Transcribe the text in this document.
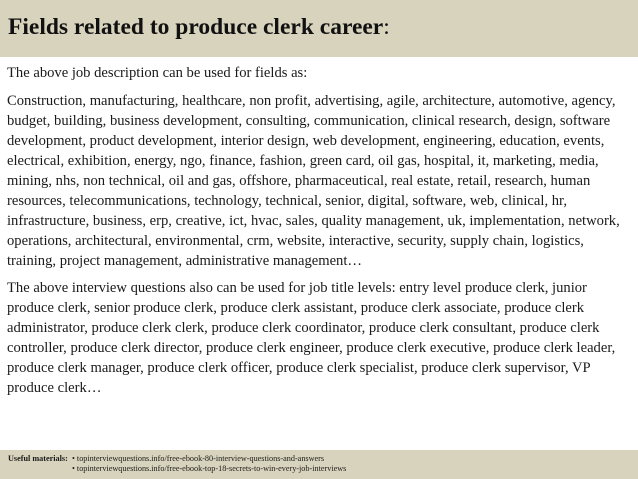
Fields related to produce clerk career:

The above job description can be used for fields as:

Construction, manufacturing, healthcare, non profit, advertising, agile, architecture, automotive, agency, budget, building, business development, consulting, communication, clinical research, design, software development, product development, interior design, web development, engineering, education, events, electrical, exhibition, energy, ngo, finance, fashion, green card, oil gas, hospital, it, marketing, media, mining, nhs, non technical, oil and gas, offshore, pharmaceutical, real estate, retail, research, human resources, telecommunications, technology, technical, senior, digital, software, web, clinical, hr, infrastructure, business, erp, creative, ict, hvac, sales, quality management, uk, implementation, network, operations, architectural, environmental, crm, website, interactive, security, supply chain, logistics, training, project management, administrative management…

The above interview questions also can be used for job title levels: entry level produce clerk, junior produce clerk, senior produce clerk, produce clerk assistant, produce clerk associate, produce clerk administrator, produce clerk clerk, produce clerk coordinator, produce clerk consultant, produce clerk controller, produce clerk director, produce clerk engineer, produce clerk executive, produce clerk leader, produce clerk manager, produce clerk officer, produce clerk specialist, produce clerk supervisor, VP produce clerk…

Useful materials: • topinterviewquestions.info/free-ebook-80-interview-questions-and-answers
• topinterviewquestions.info/free-ebook-top-18-secrets-to-win-every-job-interviews
